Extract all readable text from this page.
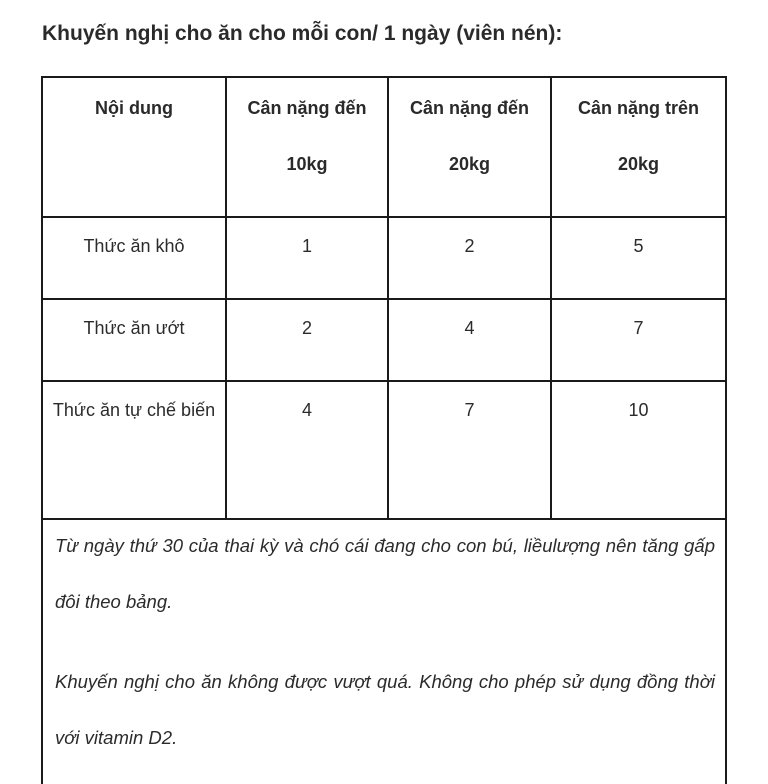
Khuyến nghị cho ăn cho mỗi con/ 1 ngày (viên nén):
Nội dung	Cân nặng đến 10kg	Cân nặng đến 20kg	Cân nặng trên 20kg
Thức ăn khô	1	2	5
Thức ăn ướt	2	4	7
Thức ăn tự chế biến	4	7	10
Từ ngày thứ 30 của thai kỳ và chó cái đang cho con bú, liềulượng nên tăng gấp đôi theo bảng.
Khuyến nghị cho ăn không được vượt quá. Không cho phép sử dụng đồng thời với vitamin D2.
